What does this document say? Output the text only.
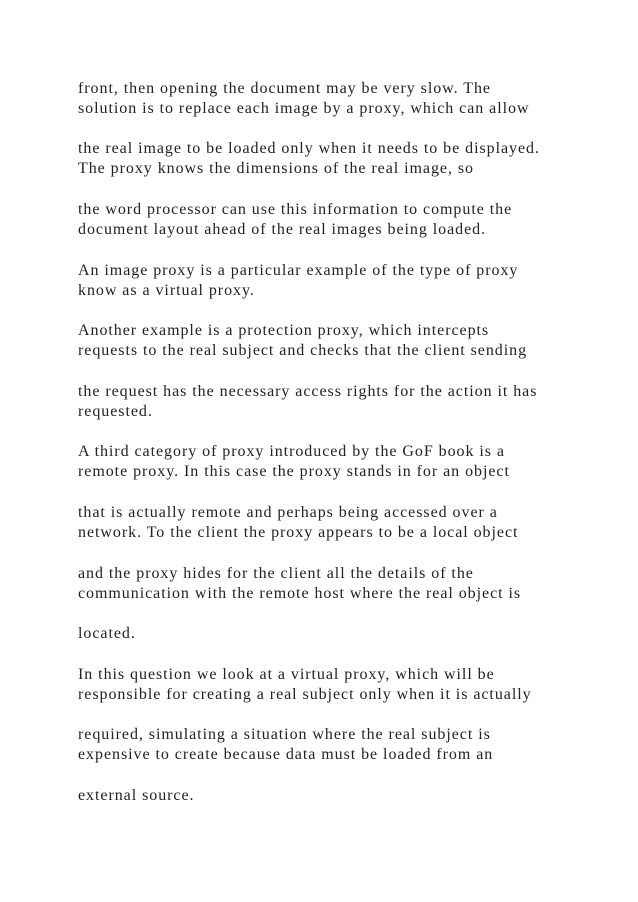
front, then opening the document may be very slow. The

solution is to replace each image by a proxy, which can allow

the real image to be loaded only when it needs to be displayed.

The proxy knows the dimensions of the real image, so

the word processor can use this information to compute the

document layout ahead of the real images being loaded.

An image proxy is a particular example of the type of proxy

know as a virtual proxy.

Another example is a protection proxy, which intercepts

requests to the real subject and checks that the client sending

the request has the necessary access rights for the action it has

requested.

A third category of proxy introduced by the GoF book is a

remote proxy. In this case the proxy stands in for an object

that is actually remote and perhaps being accessed over a

network. To the client the proxy appears to be a local object

and the proxy hides for the client all the details of the

communication with the remote host where the real object is

located.

In this question we look at a virtual proxy, which will be

responsible for creating a real subject only when it is actually

required, simulating a situation where the real subject is

expensive to create because data must be loaded from an

external source.
